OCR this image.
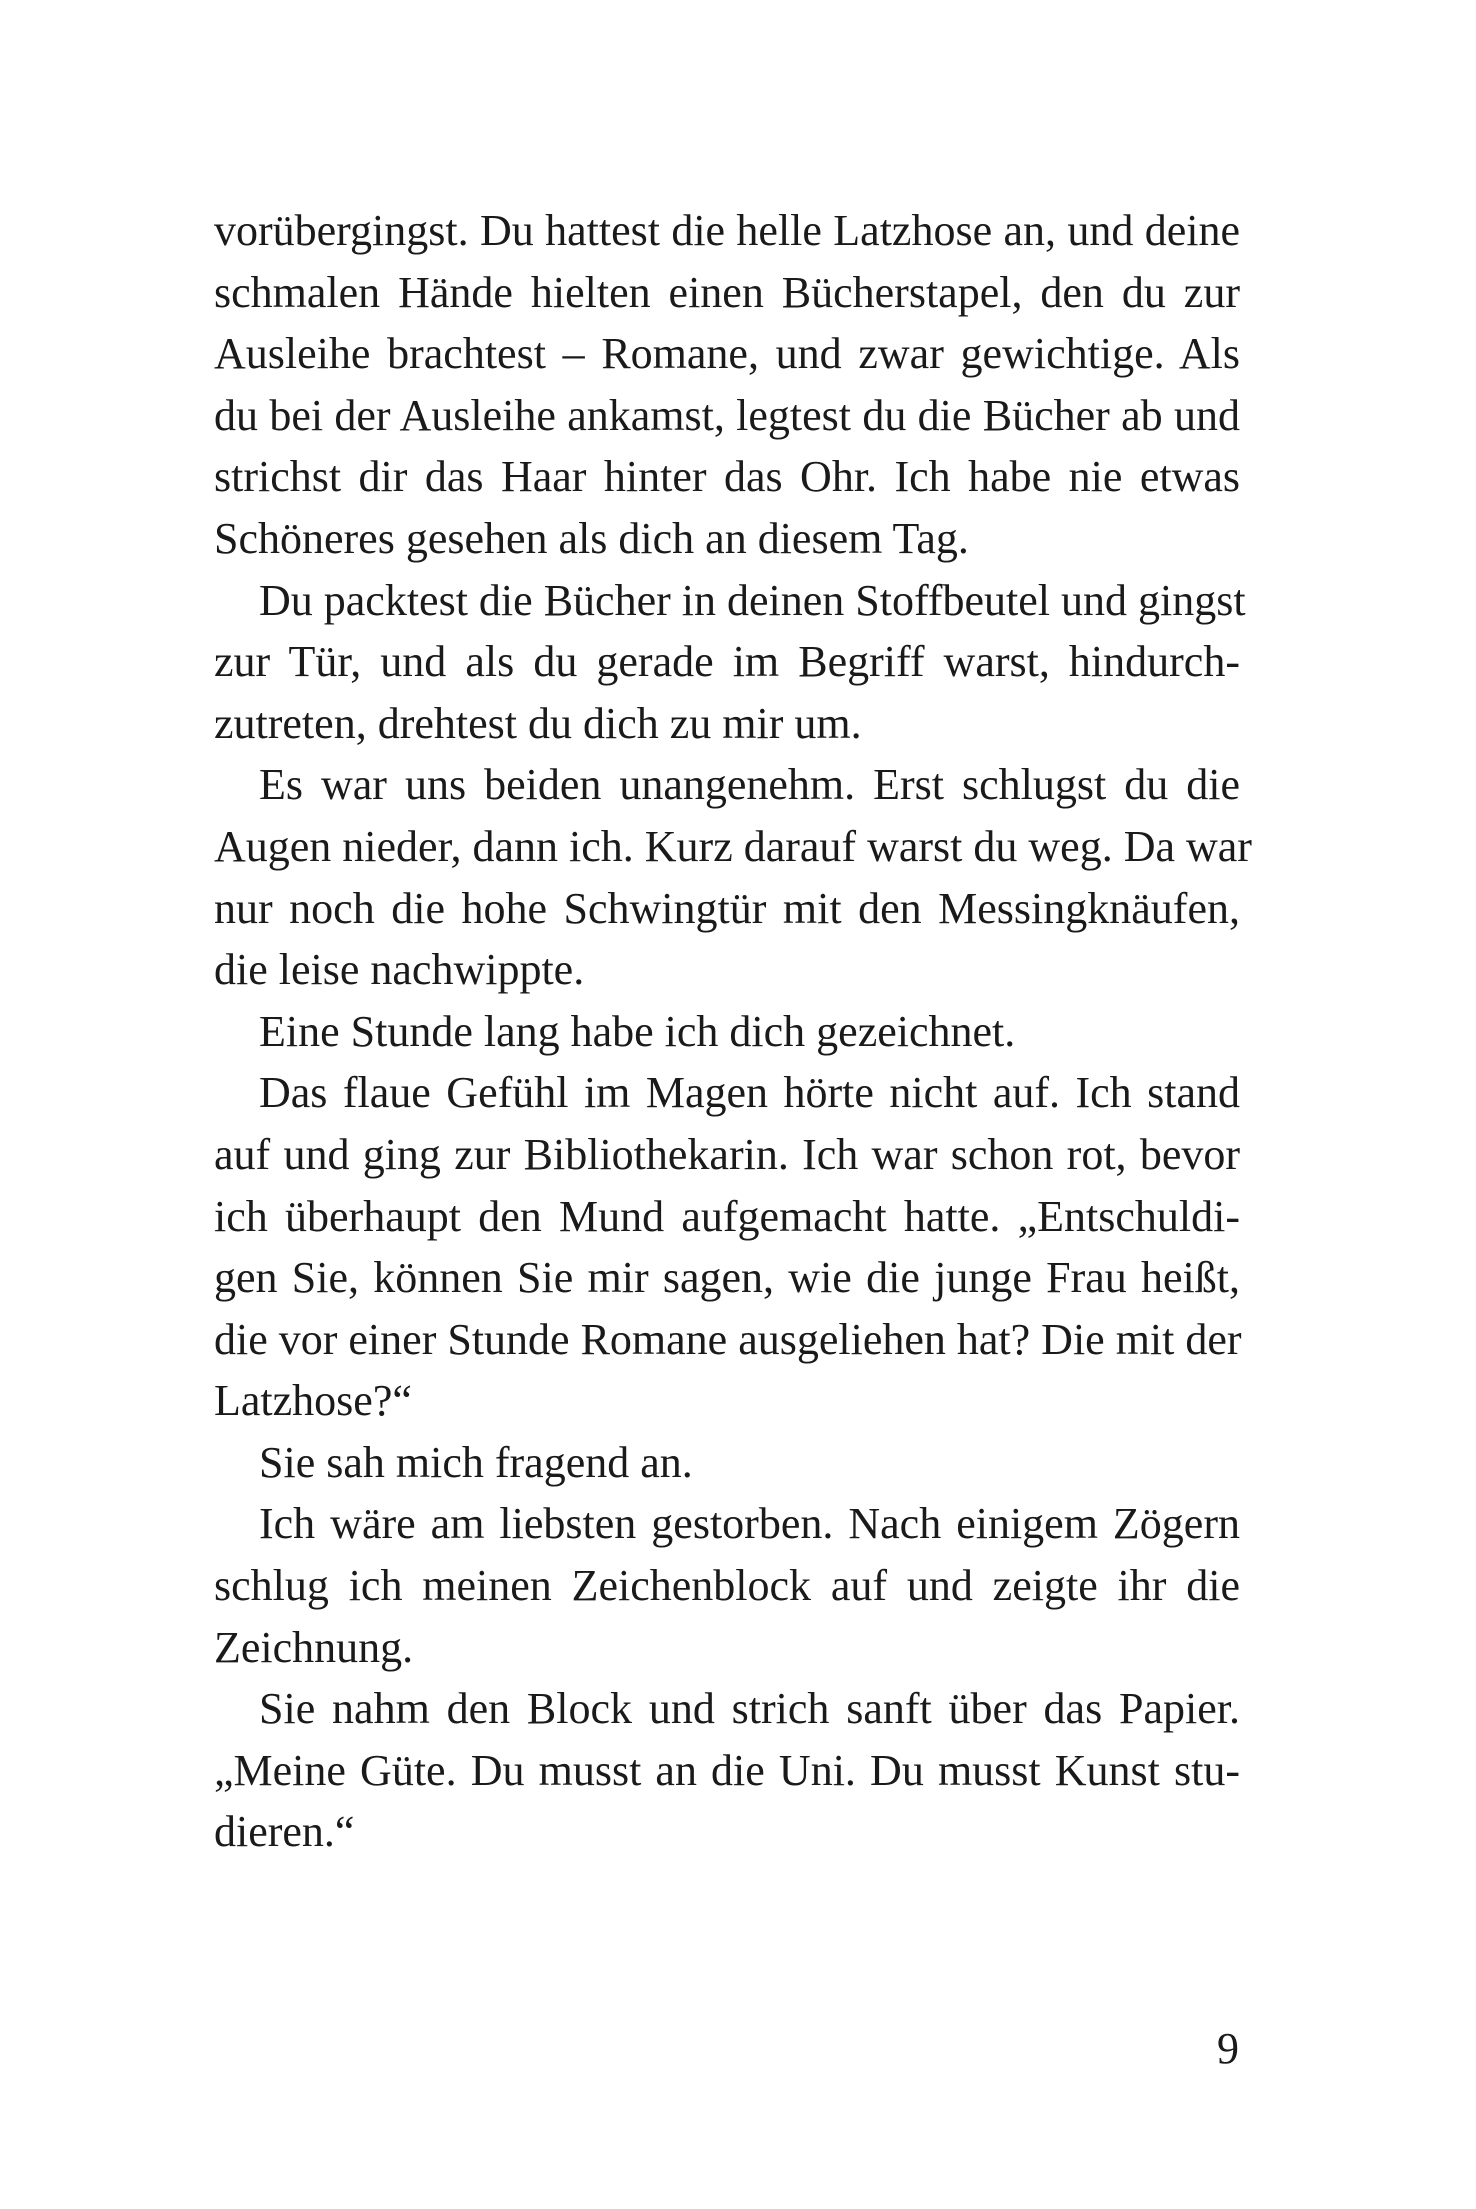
vorübergingst. Du hattest die helle Latzhose an, und deine
schmalen Hände hielten einen Bücherstapel, den du zur
Ausleihe brachtest – Romane, und zwar gewichtige. Als
du bei der Ausleihe ankamst, legtest du die Bücher ab und
strichst dir das Haar hinter das Ohr. Ich habe nie etwas
Schöneres gesehen als dich an diesem Tag.
Du packtest die Bücher in deinen Stoffbeutel und gingst
zur Tür, und als du gerade im Begriff warst, hindurch-
zutreten, drehtest du dich zu mir um.
Es war uns beiden unangenehm. Erst schlugst du die
Augen nieder, dann ich. Kurz darauf warst du weg. Da war
nur noch die hohe Schwingtür mit den Messingknäufen,
die leise nachwippte.
Eine Stunde lang habe ich dich gezeichnet.
Das flaue Gefühl im Magen hörte nicht auf. Ich stand
auf und ging zur Bibliothekarin. Ich war schon rot, bevor
ich überhaupt den Mund aufgemacht hatte. „Entschuldi-
gen Sie, können Sie mir sagen, wie die junge Frau heißt,
die vor einer Stunde Romane ausgeliehen hat? Die mit der
Latzhose?“
Sie sah mich fragend an.
Ich wäre am liebsten gestorben. Nach einigem Zögern
schlug ich meinen Zeichenblock auf und zeigte ihr die
Zeichnung.
Sie nahm den Block und strich sanft über das Papier.
„Meine Güte. Du musst an die Uni. Du musst Kunst stu-
dieren.“
9
